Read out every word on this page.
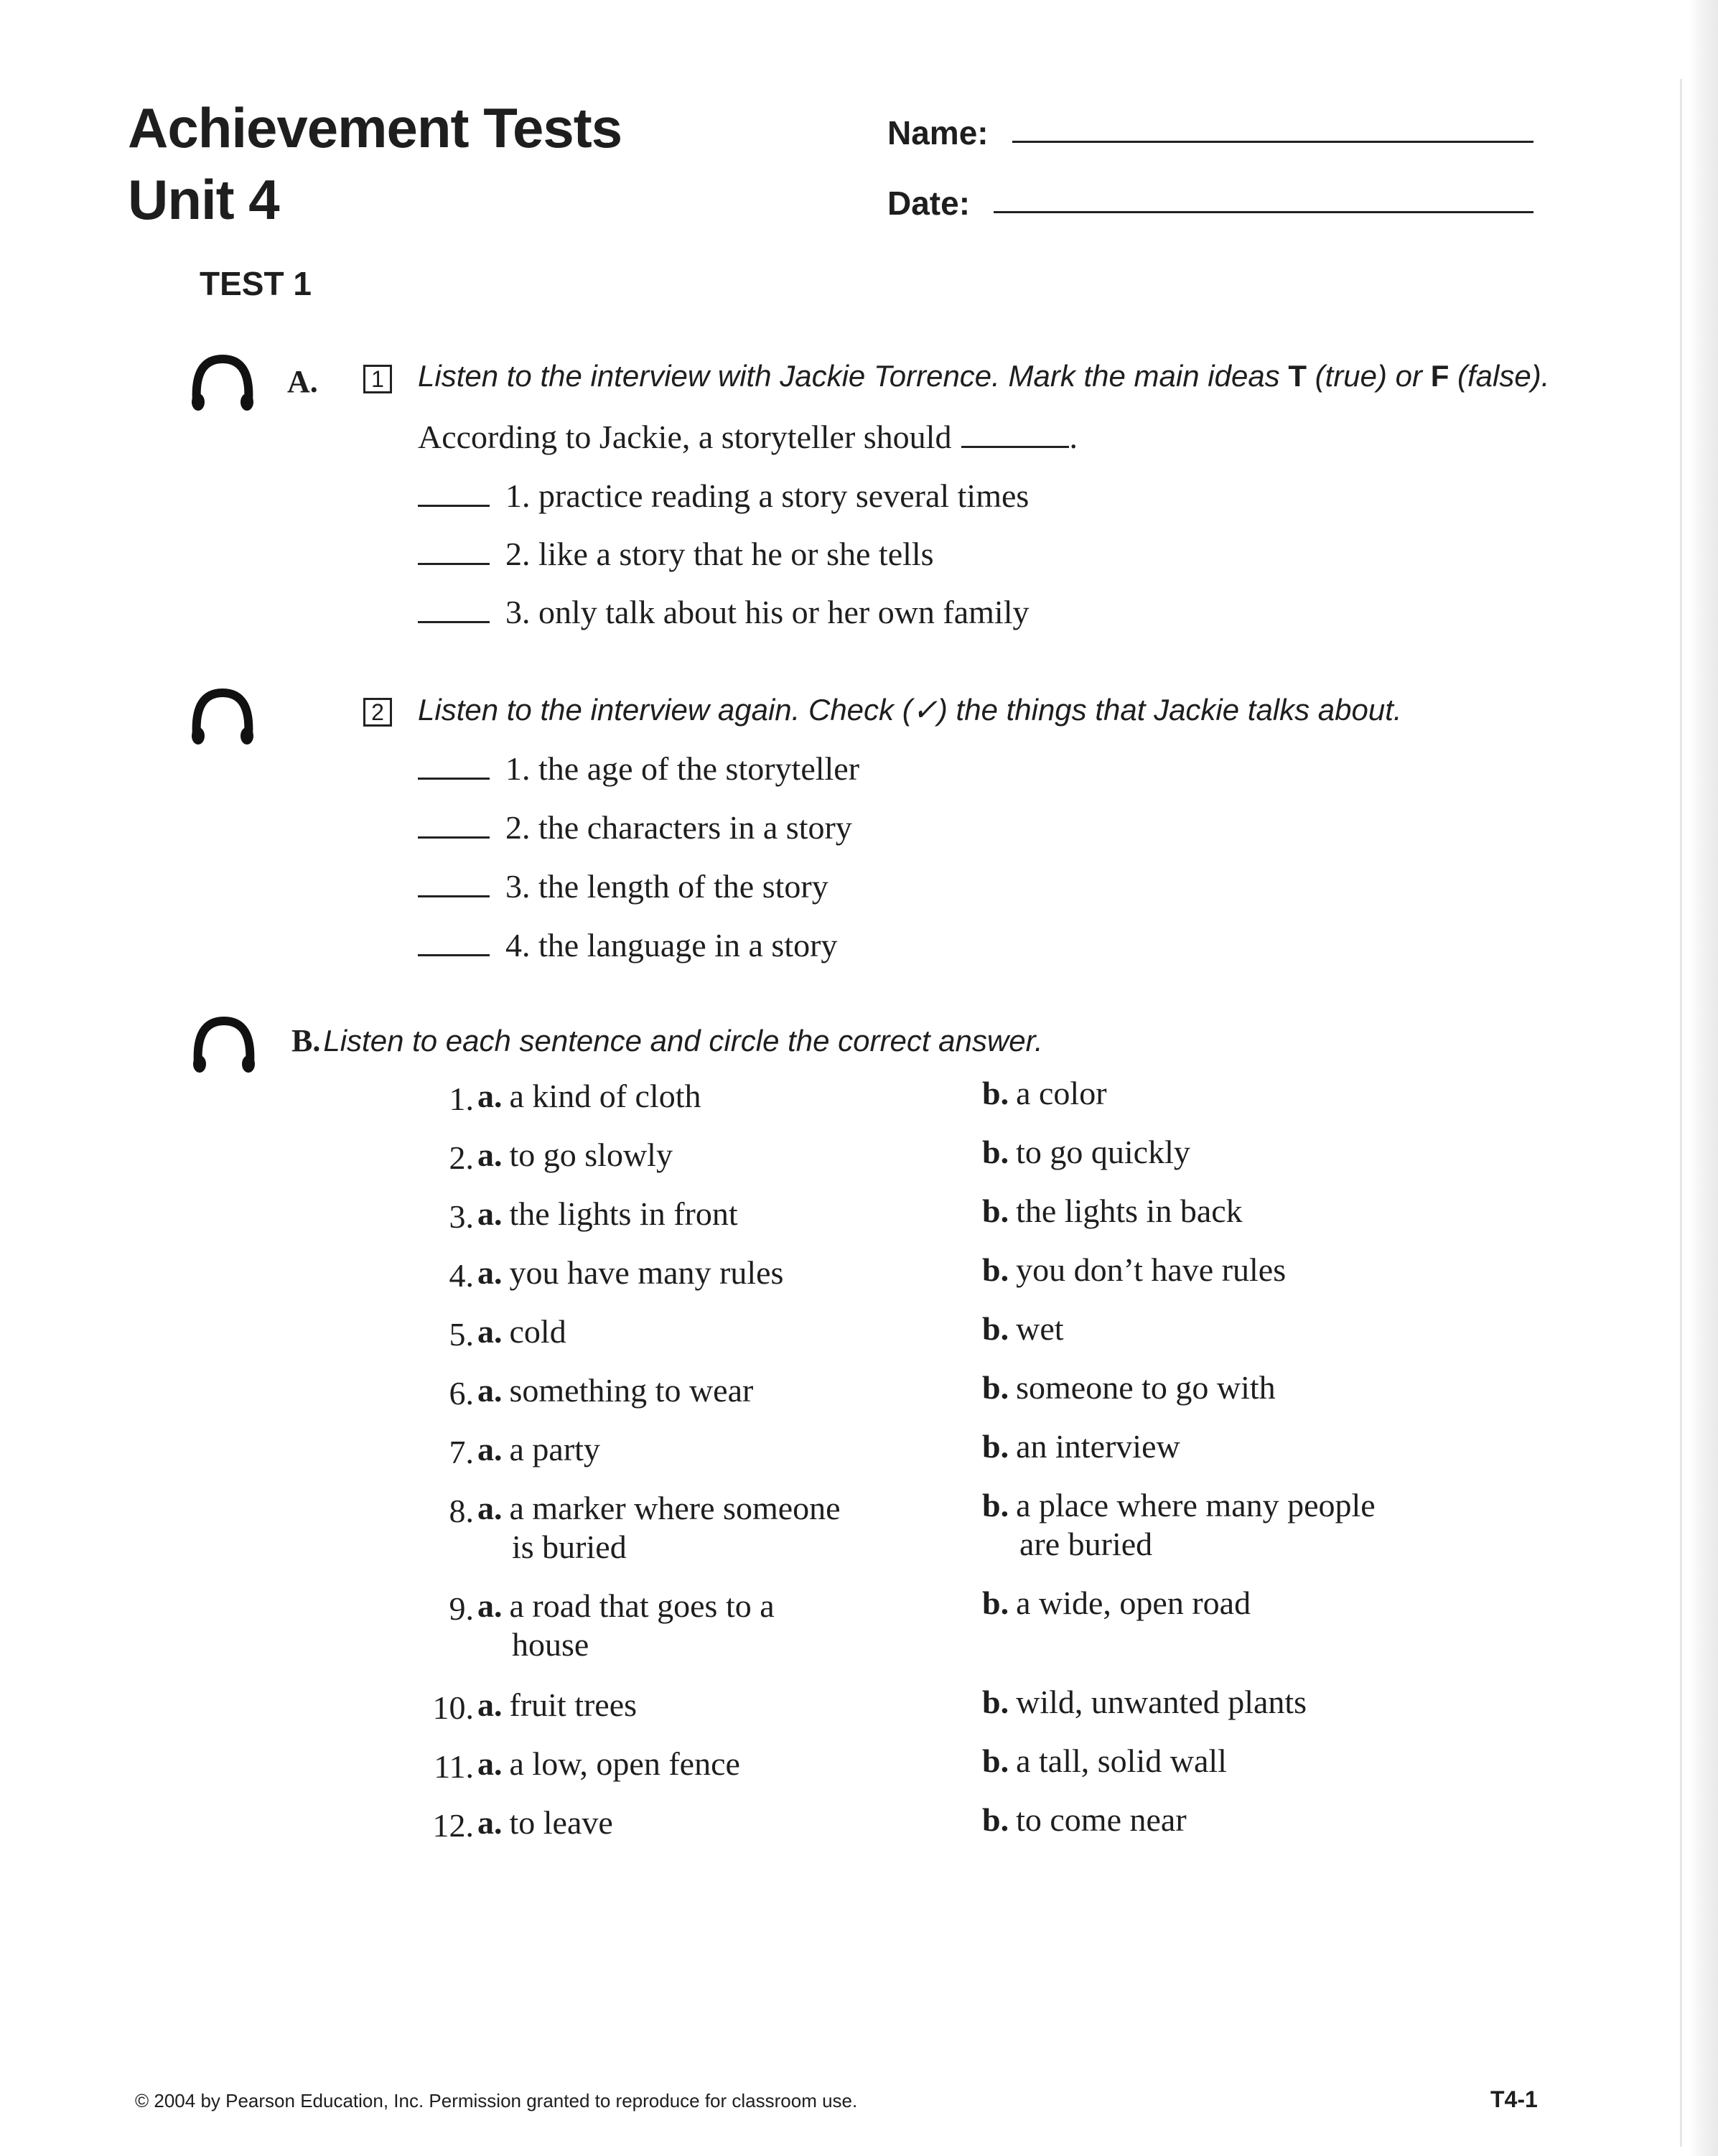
Achievement Tests
Unit 4
Name:
Date:
TEST 1
A.	1 Listen to the interview with Jackie Torrence. Mark the main ideas T (true) or F (false).
According to Jackie, a storyteller should	.
1. practice reading a story several times
2. like a story that he or she tells
3. only talk about his or her own family
2 Listen to the interview again. Check (✓) the things that Jackie talks about.
1. the age of the storyteller
2. the characters in a story
3. the length of the story
4. the language in a story
B. Listen to each sentence and circle the correct answer.
1. a. a kind of cloth	b. a color
2. a. to go slowly	b. to go quickly
3. a. the lights in front	b. the lights in back
4. a. you have many rules	b. you don’t have rules
5. a. cold	b. wet
6. a. something to wear	b. someone to go with
7. a. a party	b. an interview
8. a. a marker where someone
is buried
b. a place where many people
are buried
9. a. a road that goes to a
house
b. a wide, open road
10. a. fruit trees	b. wild, unwanted plants
11. a. a low, open fence	b. a tall, solid wall
12. a. to leave	b. to come near
© 2004 by Pearson Education, Inc. Permission granted to reproduce for classroom use.	T4-1
